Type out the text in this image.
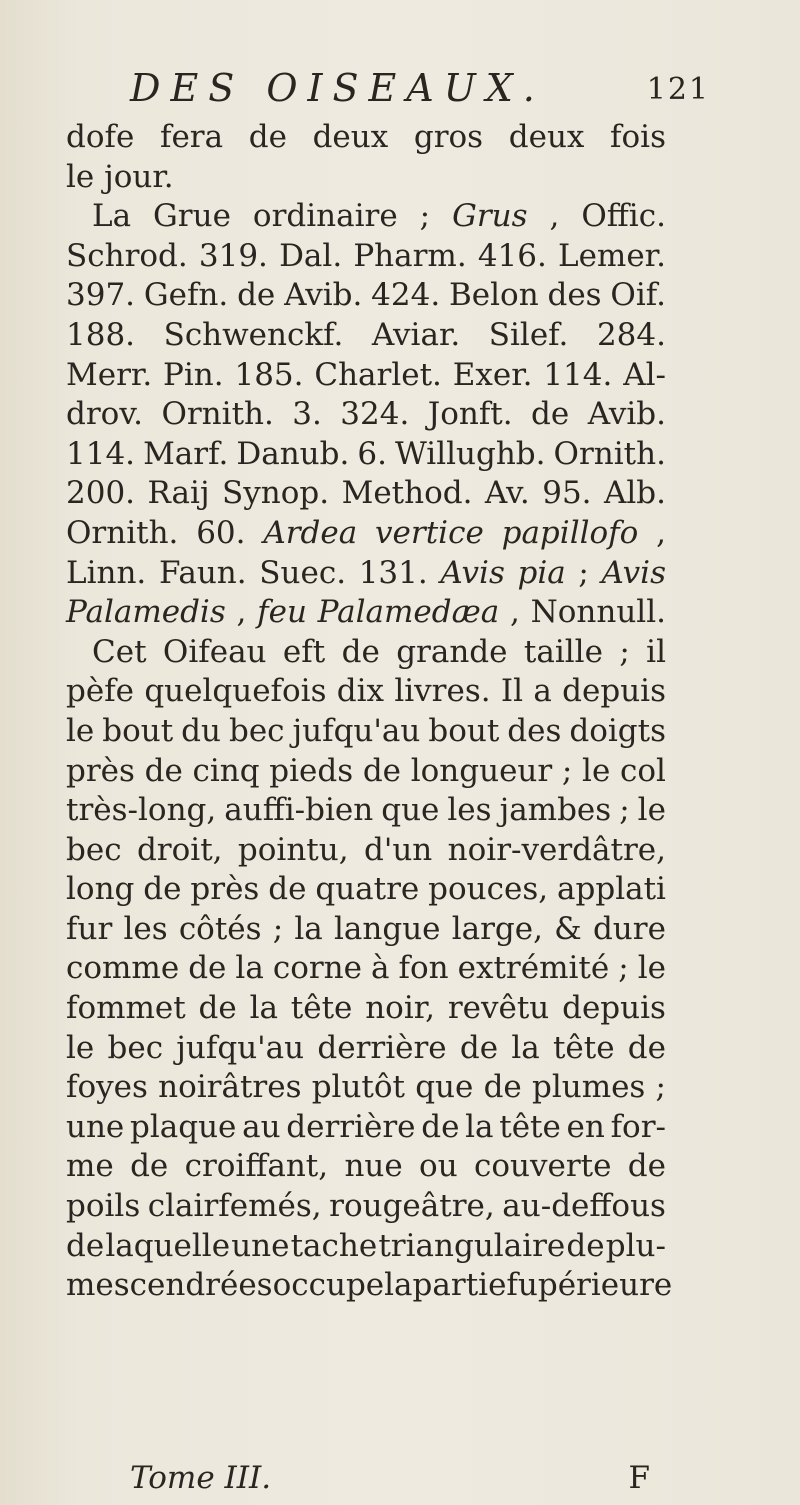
DES OISEAUX.	121
dofe fera de deux gros deux fois
le jour.
La Grue ordinaire ; Grus , Offic.
Schrod. 319. Dal. Pharm. 416. Lemer.
397. Gefn. de Avib. 424. Belon des Oif.
188. Schwenckf. Aviar. Silef. 284.
Merr. Pin. 185. Charlet. Exer. 114. Al-
drov. Ornith. 3. 324. Jonft. de Avib.
114. Marf. Danub. 6. Willughb. Ornith.
200. Raij Synop. Method. Av. 95. Alb.
Ornith. 60. Ardea vertice papillofo ,
Linn. Faun. Suec. 131. Avis pia ; Avis
Palamedis , feu Palamedæa , Nonnull.
Cet Oifeau eft de grande taille ; il
pèfe quelquefois dix livres. Il a depuis
le bout du bec jufqu'au bout des doigts
près de cinq pieds de longueur ; le col
très-long, auffi-bien que les jambes ; le
bec droit, pointu, d'un noir-verdâtre,
long de près de quatre pouces, applati
fur les côtés ; la langue large, & dure
comme de la corne à fon extrémité ; le
fommet de la tête noir, revêtu depuis
le bec jufqu'au derrière de la tête de
foyes noirâtres plutôt que de plumes ;
une plaque au derrière de la tête en for-
me de croiffant, nue ou couverte de
poils clairfemés, rougeâtre, au-deffous
de laquelle une tache triangulaire de plu-
mes cendrées occupe la partie fupérieure
Tome III.	F
